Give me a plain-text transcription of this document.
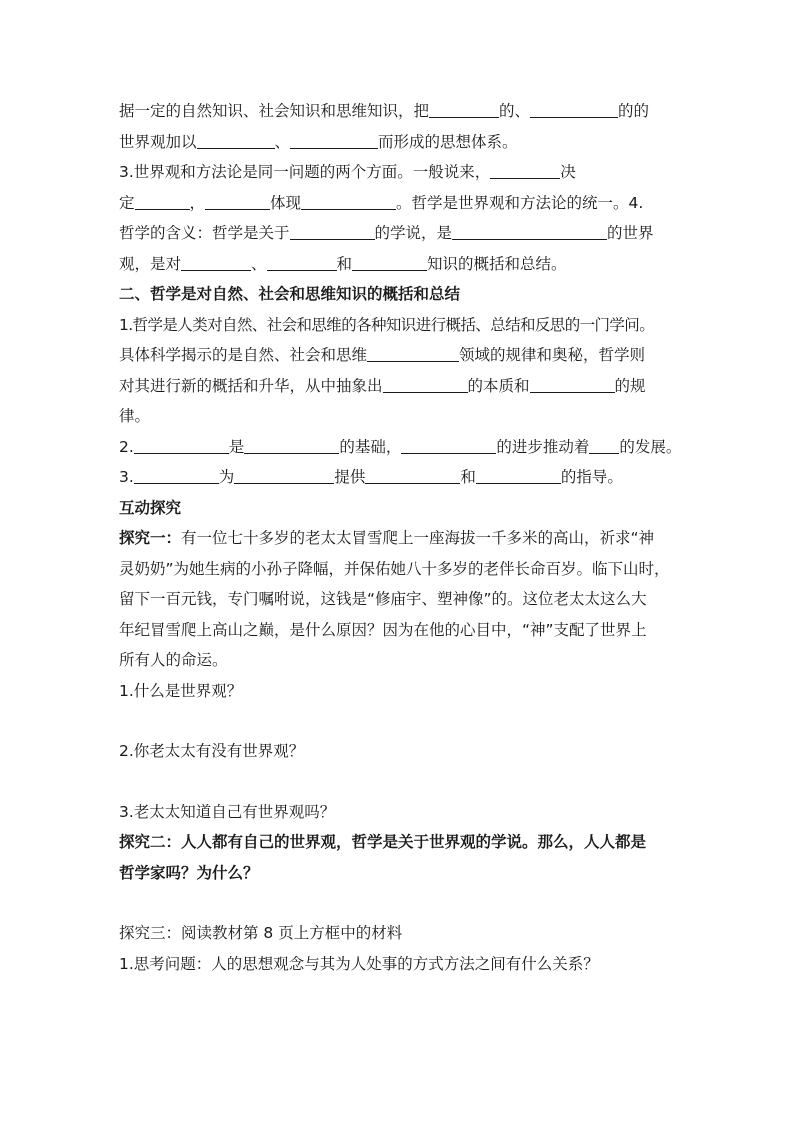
据一定的自然知识、社会知识和思维知识，把	的、	的的
世界观加以	、	而形成的思想体系。
3.世界观和方法论是同一问题的两个方面。一般说来，	决
定	，	体现	。哲学是世界观和方法论的统一。4.
哲学的含义：哲学是关于	的学说，是	的世界
观，是对	、	和	知识的概括和总结。
二、哲学是对自然、社会和思维知识的概括和总结
1.哲学是人类对自然、社会和思维的各种知识进行概括、总结和反思的一门学问。
具体科学揭示的是自然、社会和思维	领域的规律和奥秘，哲学则
对其进行新的概括和升华，从中抽象出	的本质和	的规
律。
2.	是	的基础，	的进步推动着 的发展。
3.	为	提供	和	的指导。
互动探究
探究一：有一位七十多岁的老太太冒雪爬上一座海拔一千多米的高山，祈求“神
灵奶奶”为她生病的小孙子降幅，并保佑她八十多岁的老伴长命百岁。临下山时，
留下一百元钱，专门嘱咐说，这钱是“修庙宇、塑神像”的。这位老太太这么大
年纪冒雪爬上高山之巅，是什么原因？因为在他的心目中，“神”支配了世界上
所有人的命运。
1.什么是世界观？
2.你老太太有没有世界观？
3.老太太知道自己有世界观吗？
探究二：人人都有自己的世界观，哲学是关于世界观的学说。那么，人人都是
哲学家吗？为什么？
探究三：阅读教材第 8 页上方框中的材料
1.思考问题：人的思想观念与其为人处事的方式方法之间有什么关系？
